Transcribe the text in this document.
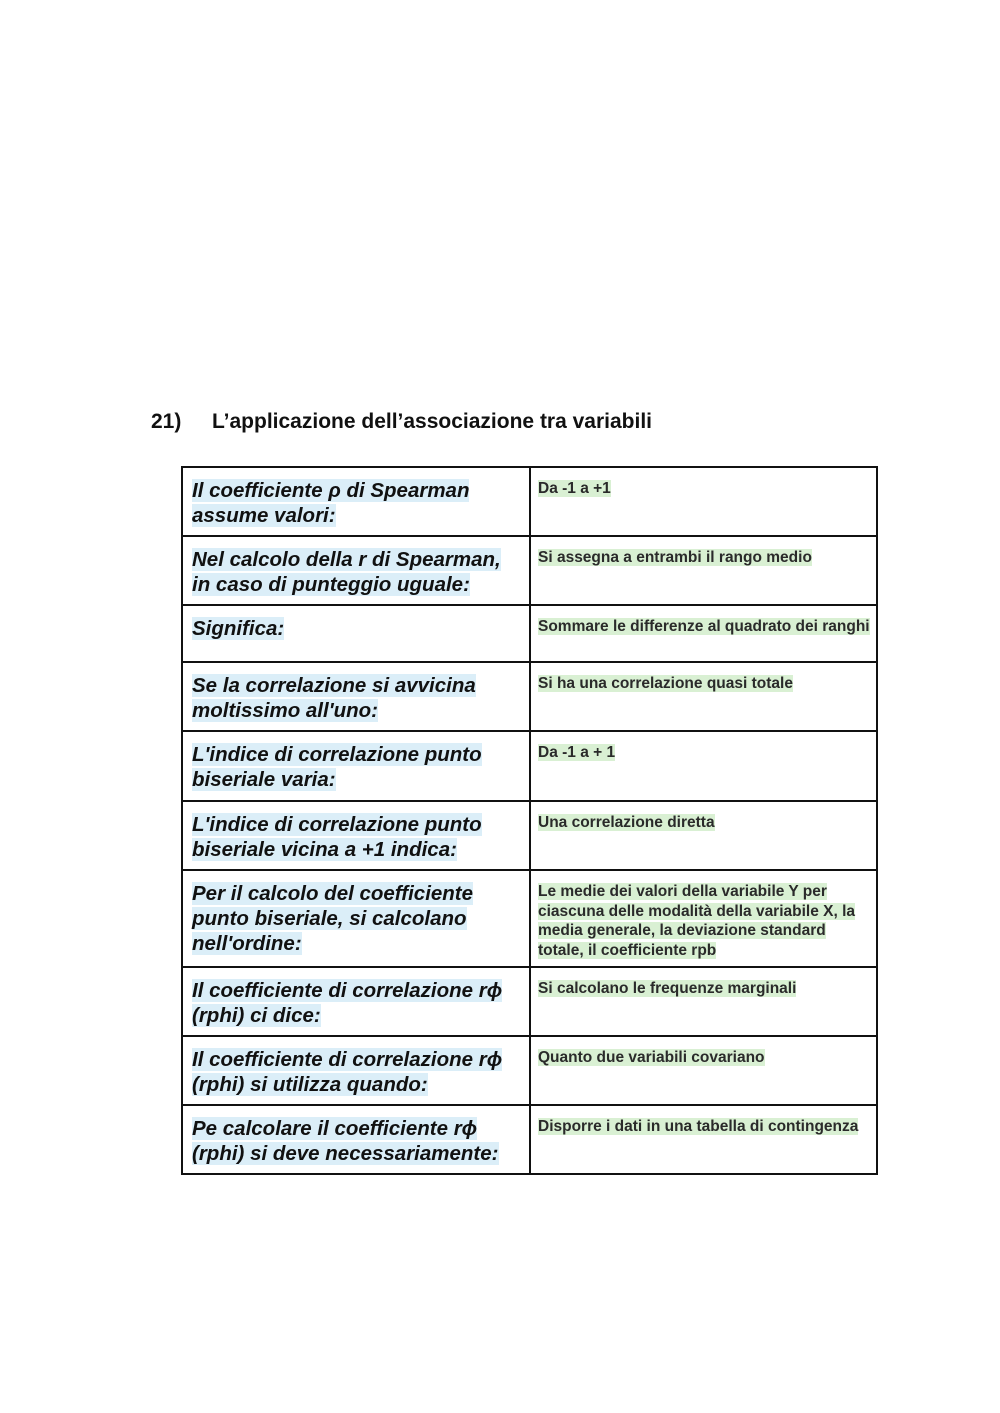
21) L’applicazione dell’associazione tra variabili
Il coefficiente ρ di Spearman assume valori:	Da -1 a +1
Nel calcolo della r di Spearman, in caso di punteggio uguale:	Si assegna a entrambi il rango medio
Significa:	Sommare le differenze al quadrato dei ranghi
Se la correlazione si avvicina moltissimo all'uno:	Si ha una correlazione quasi totale
L'indice di correlazione punto biseriale varia:	Da -1 a + 1
L'indice di correlazione punto biseriale vicina a +1 indica:	Una correlazione diretta
Per il calcolo del coefficiente punto biseriale, si calcolano nell'ordine:	Le medie dei valori della variabile Y per ciascuna delle modalità della variabile X, la media generale, la deviazione standard totale, il coefficiente rpb
Il coefficiente di correlazione rϕ (rphi) ci dice:	Si calcolano le frequenze marginali
Il coefficiente di correlazione rϕ (rphi) si utilizza quando:	Quanto due variabili covariano
Pe calcolare il coefficiente rϕ (rphi) si deve necessariamente:	Disporre i dati in una tabella di contingenza
